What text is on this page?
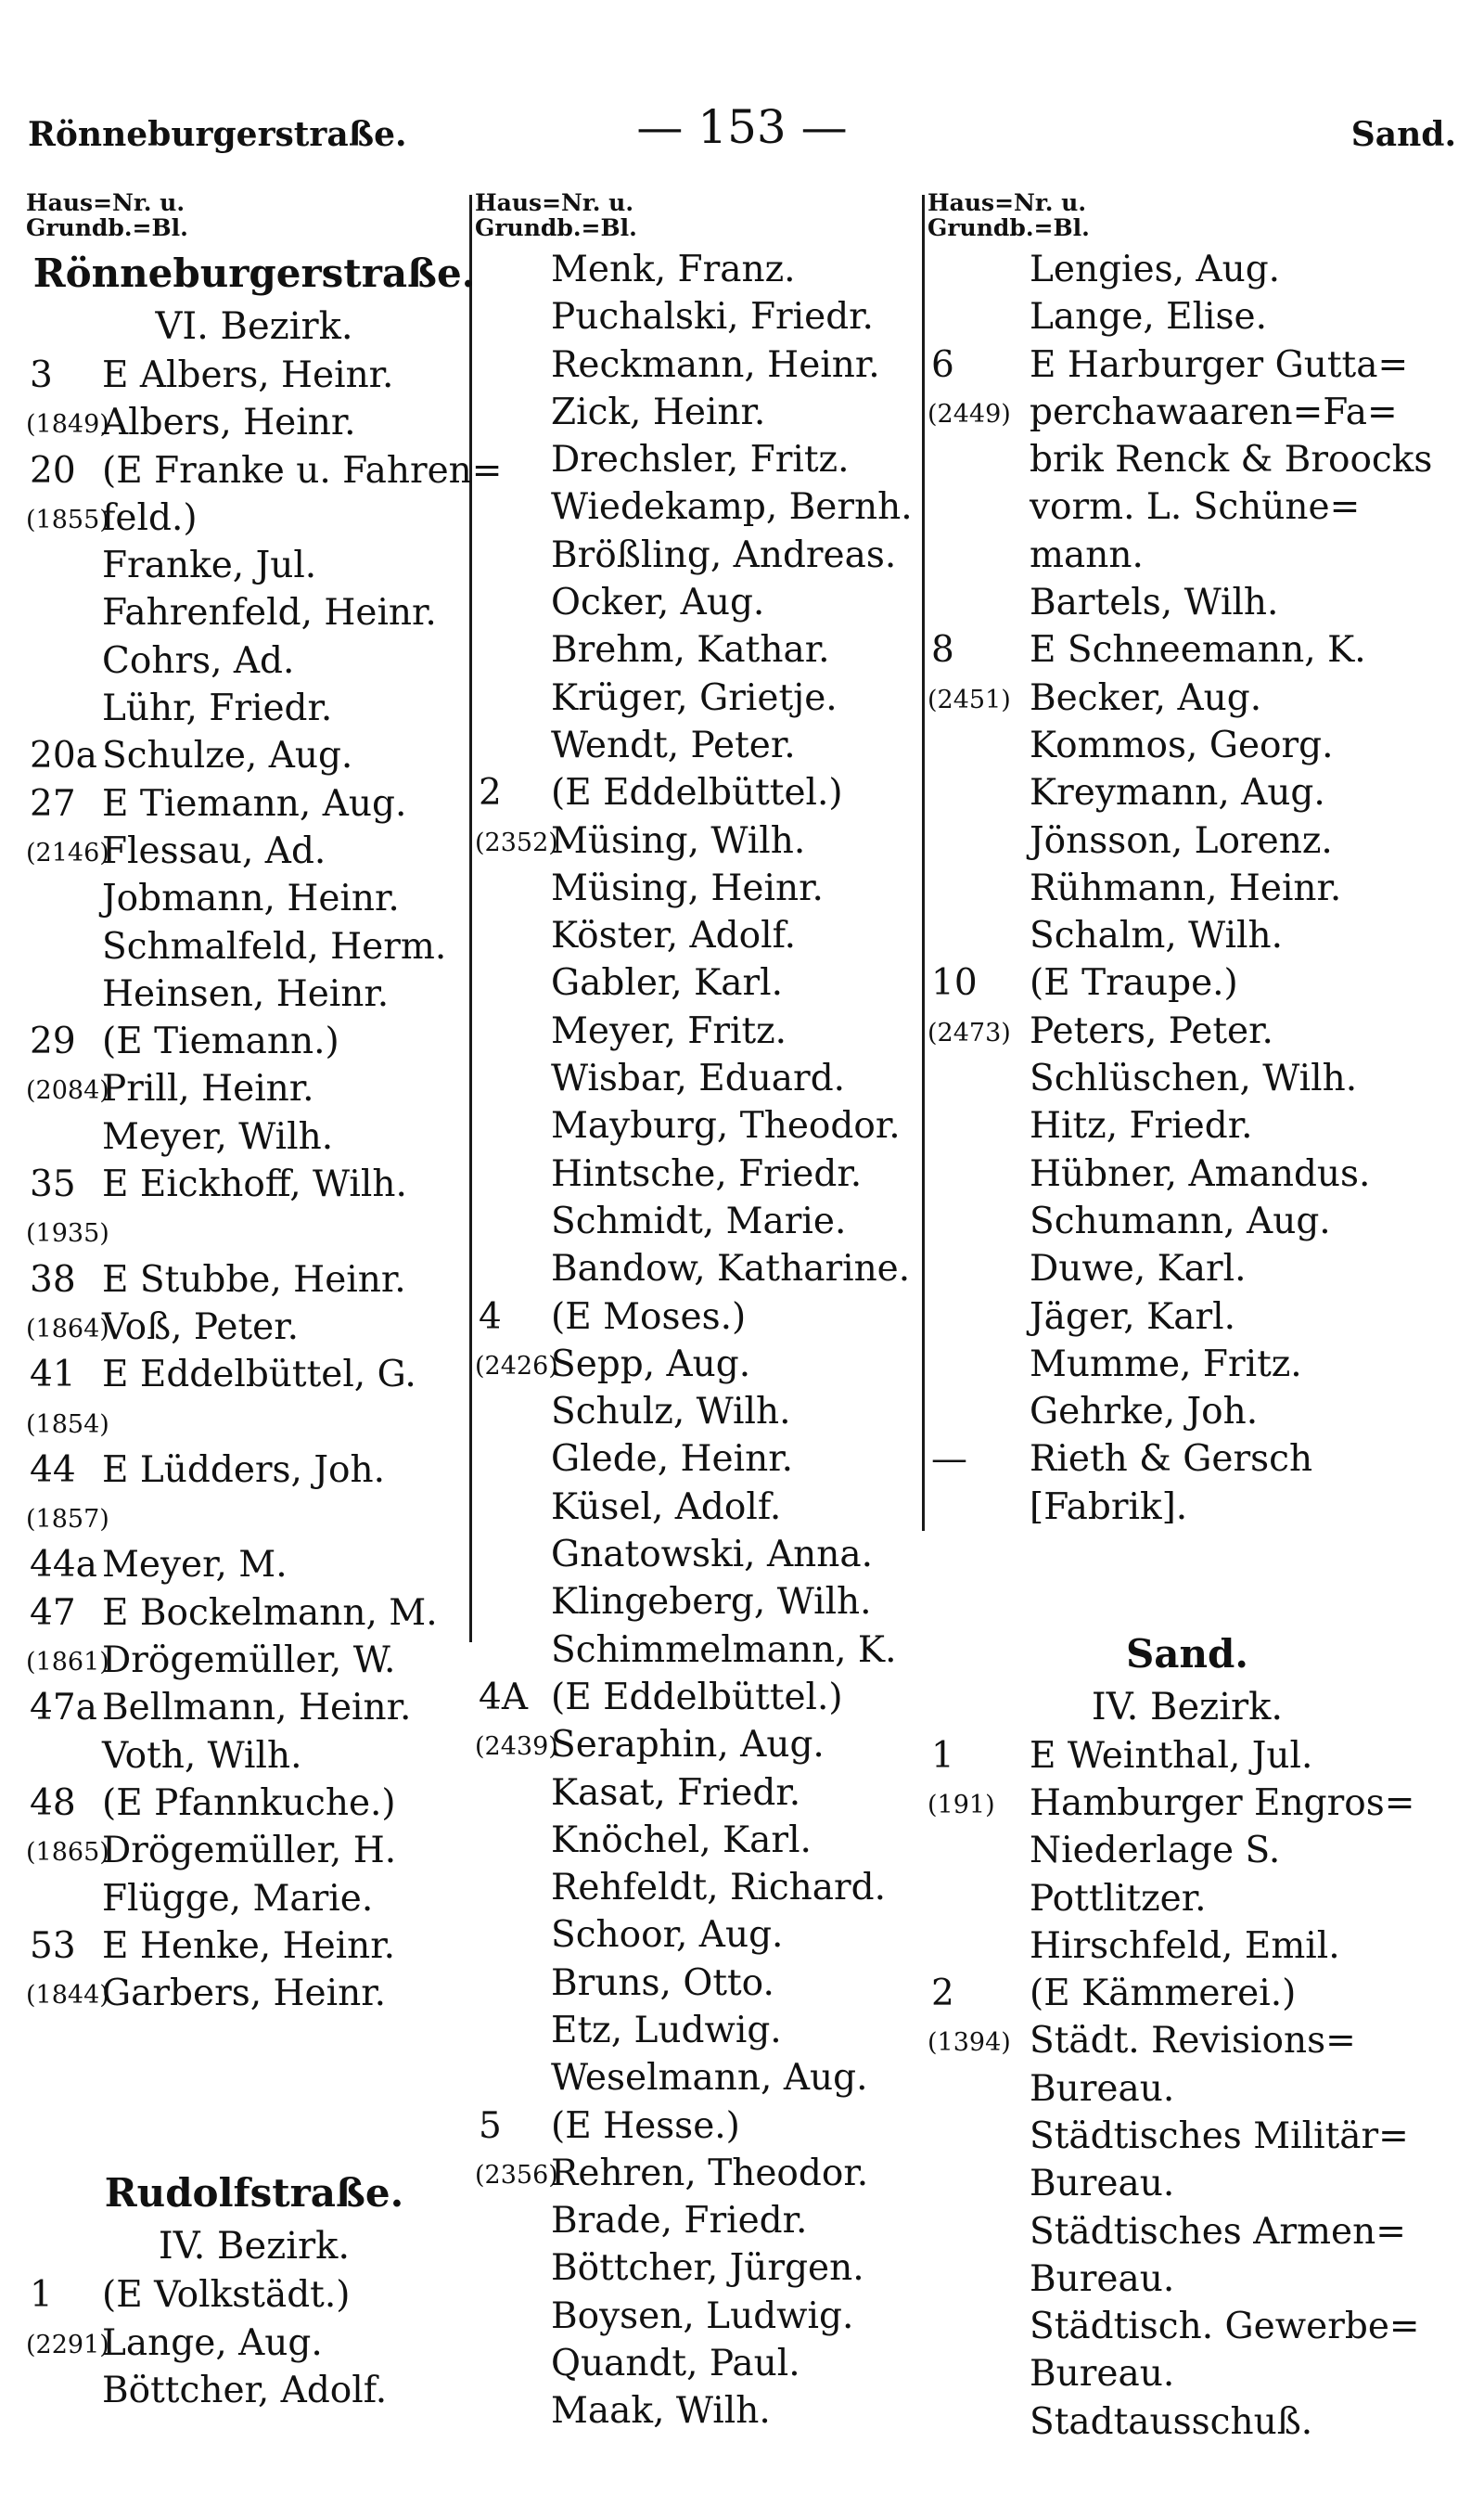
Rönneburgerstraße.	— 153 —	Sand.
Haus=Nr. u.
Grundb.=Bl.
Rönneburgerstraße.
VI. Bezirk.
3 E Albers, Heinr.
(1849)
Albers, Heinr.
20 (E Franke u. Fahren=
(1855)
feld.)
Franke, Jul.
Fahrenfeld, Heinr.
Cohrs, Ad.
Lühr, Friedr.
20a Schulze, Aug.
27 E Tiemann, Aug.
(2146)
Flessau, Ad.
Jobmann, Heinr.
Schmalfeld, Herm.
Heinsen, Heinr.
29 (E Tiemann.)
(2084)
Prill, Heinr.
Meyer, Wilh.
35 E Eickhoff, Wilh.
(1935)
38 E Stubbe, Heinr.
(1864)
Voß, Peter.
41 E Eddelbüttel, G.
(1854)
44 E Lüdders, Joh.
(1857)
44a Meyer, M.
47 E Bockelmann, M.
(1861)
Drögemüller, W.
47a Bellmann, Heinr.
Voth, Wilh.
48 (E Pfannkuche.)
(1865)
Drögemüller, H.
Flügge, Marie.
53 E Henke, Heinr.
(1844)
Garbers, Heinr.
Rudolfstraße.
IV. Bezirk.
1 (E Volkstädt.)
(2291)
Lange, Aug.
Böttcher, Adolf.
Haus=Nr. u.
Grundb.=Bl.
Menk, Franz.
Puchalski, Friedr.
Reckmann, Heinr.
Zick, Heinr.
Drechsler, Fritz.
Wiedekamp, Bernh.
Brößling, Andreas.
Ocker, Aug.
Brehm, Kathar.
Krüger, Grietje.
Wendt, Peter.
2 (E Eddelbüttel.)
(2352)
Müsing, Wilh.
Müsing, Heinr.
Köster, Adolf.
Gabler, Karl.
Meyer, Fritz.
Wisbar, Eduard.
Mayburg, Theodor.
Hintsche, Friedr.
Schmidt, Marie.
Bandow, Katharine.
4 (E Moses.)
(2426)
Sepp, Aug.
Schulz, Wilh.
Glede, Heinr.
Küsel, Adolf.
Gnatowski, Anna.
Klingeberg, Wilh.
Schimmelmann, K.
4A (E Eddelbüttel.)
(2439)
Seraphin, Aug.
Kasat, Friedr.
Knöchel, Karl.
Rehfeldt, Richard.
Schoor, Aug.
Bruns, Otto.
Etz, Ludwig.
Weselmann, Aug.
5 (E Hesse.)
(2356)
Rehren, Theodor.
Brade, Friedr.
Böttcher, Jürgen.
Boysen, Ludwig.
Quandt, Paul.
Maak, Wilh.
Haus=Nr. u.
Grundb.=Bl.
Lengies, Aug.
Lange, Elise.
6 E Harburger Gutta=
(2449) perchawaaren=Fa=
brik Renck & Broocks
vorm. L. Schüne=
mann.
Bartels, Wilh.
8 E Schneemann, K.
(2451) Becker, Aug.
Kommos, Georg.
Kreymann, Aug.
Jönsson, Lorenz.
Rühmann, Heinr.
Schalm, Wilh.
10 (E Traupe.)
(2473) Peters, Peter.
Schlüschen, Wilh.
Hitz, Friedr.
Hübner, Amandus.
Schumann, Aug.
Duwe, Karl.
Jäger, Karl.
Mumme, Fritz.
Gehrke, Joh.
— Rieth & Gersch
[Fabrik].
Sand.
IV. Bezirk.
1 E Weinthal, Jul.
(191) Hamburger Engros=
Niederlage S.
Pottlitzer.
Hirschfeld, Emil.
2 (E Kämmerei.)
(1394) Städt. Revisions=
Bureau.
Städtisches Militär=
Bureau.
Städtisches Armen=
Bureau.
Städtisch. Gewerbe=
Bureau.
Stadtausschuß.
